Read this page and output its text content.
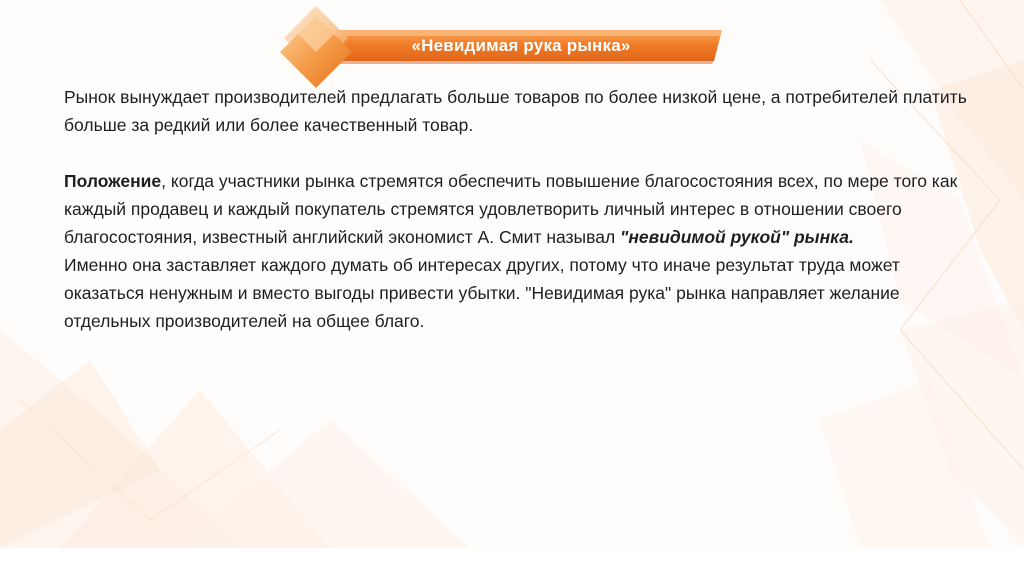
«Невидимая рука рынка»

Рынок вынуждает производителей предлагать больше товаров по более низкой цене, а потребителей платить больше за редкий или более качественный товар.

Положение, когда участники рынка стремятся обеспечить повышение благосостояния всех, по мере того как каждый продавец и каждый покупатель стремятся удовлетворить личный интерес в отношении своего благосостояния, известный английский экономист А. Смит называл "невидимой рукой" рынка.

Именно она заставляет каждого думать об интересах других, потому что иначе результат труда может оказаться ненужным и вместо выгоды привести убытки. "Невидимая рука" рынка направляет желание отдельных производителей на общее благо.
